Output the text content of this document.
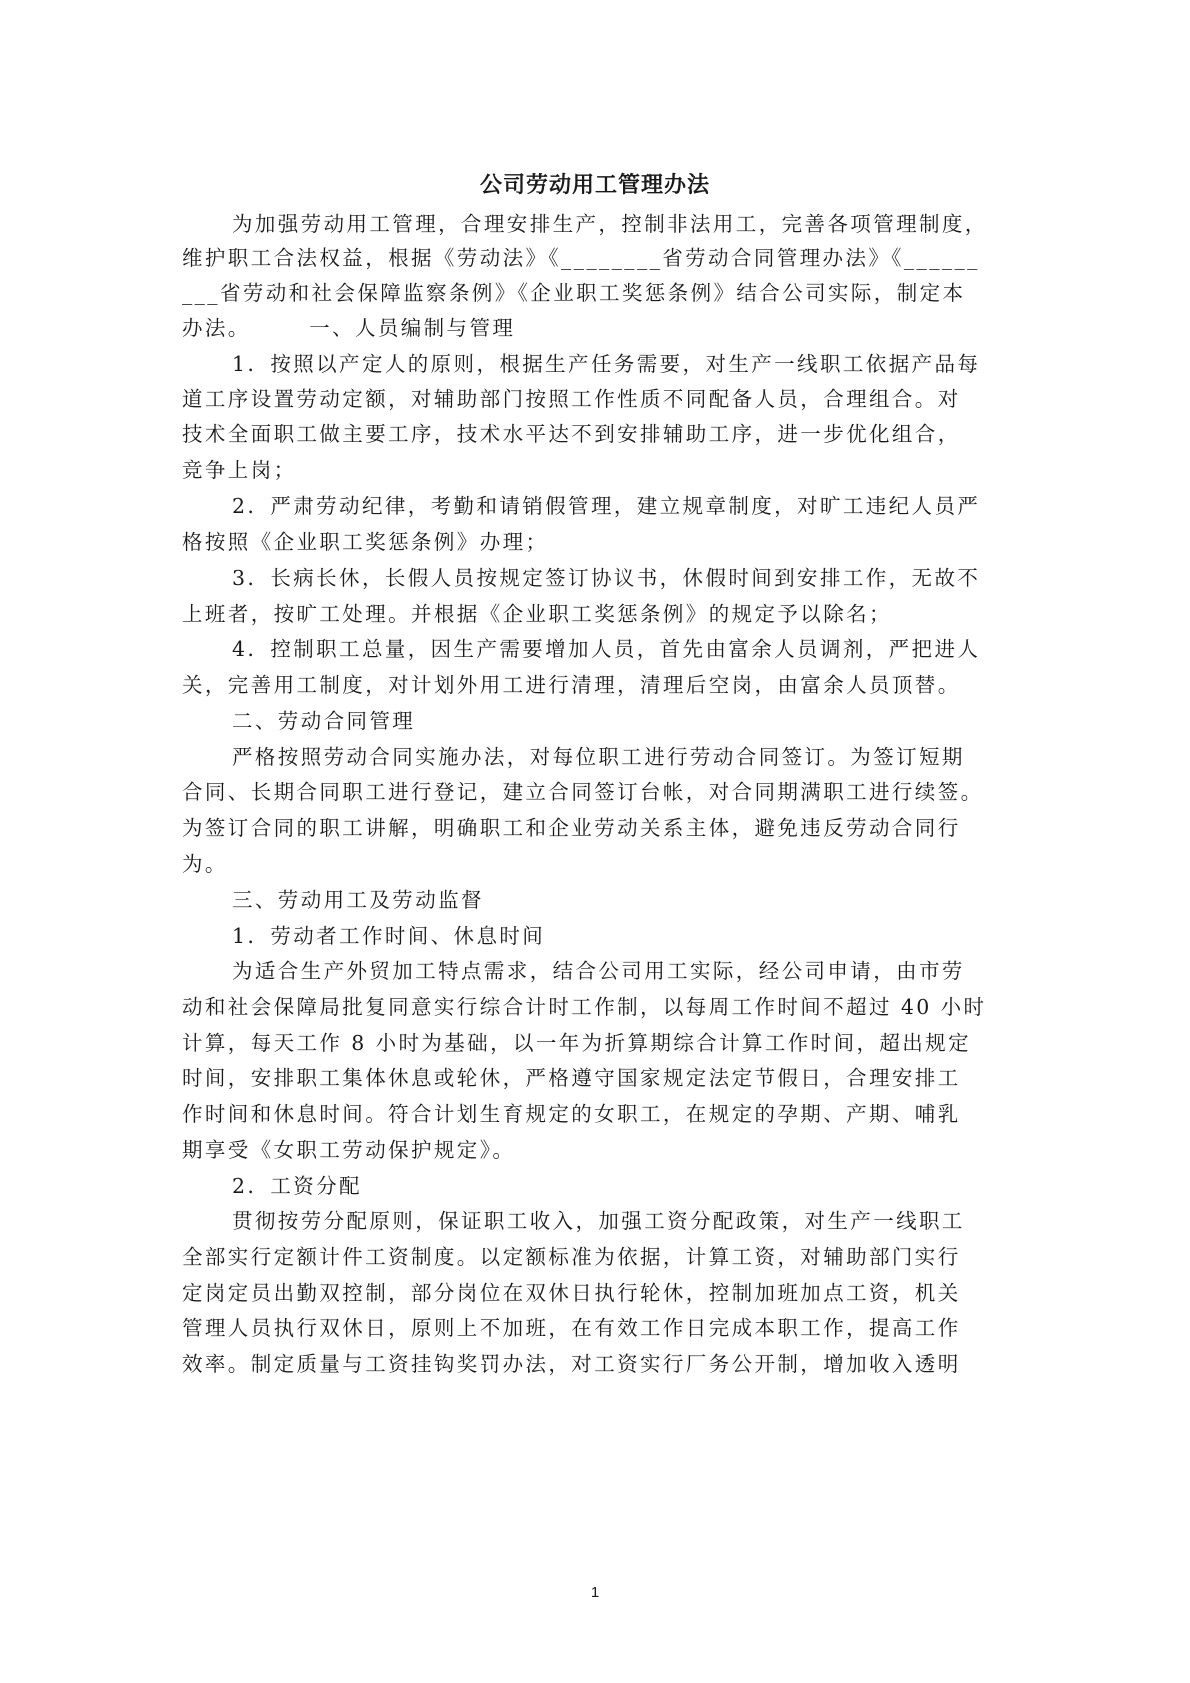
公司劳动用工管理办法
为加强劳动用工管理，合理安排生产，控制非法用工，完善各项管理制度，
维护职工合法权益，根据《劳动法》《________省劳动合同管理办法》《______
___省劳动和社会保障监察条例》《企业职工奖惩条例》结合公司实际，制定本
办法。　　　一、人员编制与管理
1．按照以产定人的原则，根据生产任务需要，对生产一线职工依据产品每
道工序设置劳动定额，对辅助部门按照工作性质不同配备人员，合理组合。对
技术全面职工做主要工序，技术水平达不到安排辅助工序，进一步优化组合，
竞争上岗；
2．严肃劳动纪律，考勤和请销假管理，建立规章制度，对旷工违纪人员严
格按照《企业职工奖惩条例》办理；
3．长病长休，长假人员按规定签订协议书，休假时间到安排工作，无故不
上班者，按旷工处理。并根据《企业职工奖惩条例》的规定予以除名；
4．控制职工总量，因生产需要增加人员，首先由富余人员调剂，严把进人
关，完善用工制度，对计划外用工进行清理，清理后空岗，由富余人员顶替。
二、劳动合同管理
严格按照劳动合同实施办法，对每位职工进行劳动合同签订。为签订短期
合同、长期合同职工进行登记，建立合同签订台帐，对合同期满职工进行续签。
为签订合同的职工讲解，明确职工和企业劳动关系主体，避免违反劳动合同行
为。
三、劳动用工及劳动监督
1．劳动者工作时间、休息时间
为适合生产外贸加工特点需求，结合公司用工实际，经公司申请，由市劳
动和社会保障局批复同意实行综合计时工作制，以每周工作时间不超过 40 小时
计算，每天工作 8 小时为基础，以一年为折算期综合计算工作时间，超出规定
时间，安排职工集体休息或轮休，严格遵守国家规定法定节假日，合理安排工
作时间和休息时间。符合计划生育规定的女职工，在规定的孕期、产期、哺乳
期享受《女职工劳动保护规定》。
2．工资分配
贯彻按劳分配原则，保证职工收入，加强工资分配政策，对生产一线职工
全部实行定额计件工资制度。以定额标准为依据，计算工资，对辅助部门实行
定岗定员出勤双控制，部分岗位在双休日执行轮休，控制加班加点工资，机关
管理人员执行双休日，原则上不加班，在有效工作日完成本职工作，提高工作
效率。制定质量与工资挂钩奖罚办法，对工资实行厂务公开制，增加收入透明
1
